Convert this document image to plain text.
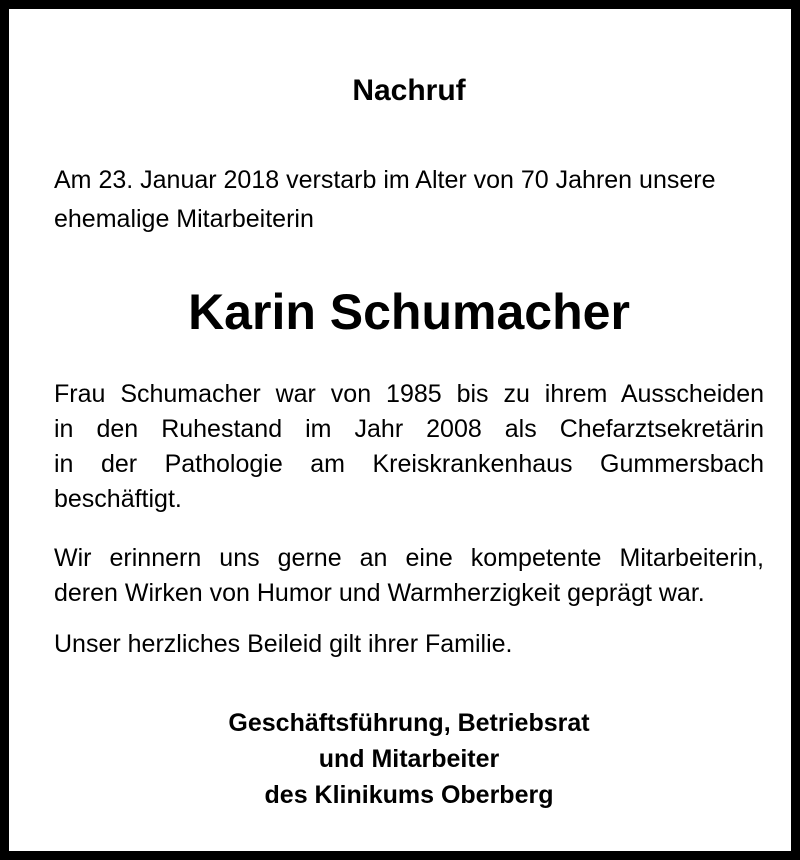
Nachruf
Am 23. Januar 2018 verstarb im Alter von 70 Jahren unsere
ehemalige Mitarbeiterin
Karin Schumacher
Frau Schumacher war von 1985 bis zu ihrem Ausscheiden
in den Ruhestand im Jahr 2008 als Chefarztsekretärin
in der Pathologie am Kreiskrankenhaus Gummersbach
beschäftigt.
Wir erinnern uns gerne an eine kompetente Mitarbeiterin,
deren Wirken von Humor und Warmherzigkeit geprägt war.
Unser herzliches Beileid gilt ihrer Familie.
Geschäftsführung, Betriebsrat
und Mitarbeiter
des Klinikums Oberberg
